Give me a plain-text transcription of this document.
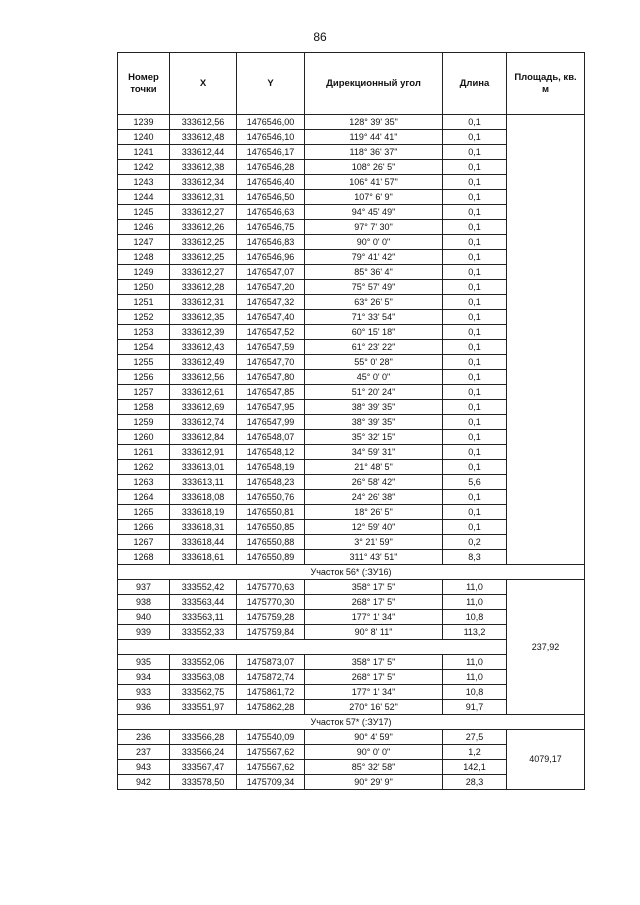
86
Номер точки	X	Y	Дирекционный угол	Длина	Площадь, кв. м
1239	333612,56	1476546,00	128° 39' 35"	0,1	
1240	333612,48	1476546,10	119° 44' 41"	0,1	
1241	333612,44	1476546,17	118° 36' 37"	0,1	
1242	333612,38	1476546,28	108° 26' 5"	0,1	
1243	333612,34	1476546,40	106° 41' 57"	0,1	
1244	333612,31	1476546,50	107° 6' 9"	0,1	
1245	333612,27	1476546,63	94° 45' 49"	0,1	
1246	333612,26	1476546,75	97° 7' 30"	0,1	
1247	333612,25	1476546,83	90° 0' 0"	0,1	
1248	333612,25	1476546,96	79° 41' 42"	0,1	
1249	333612,27	1476547,07	85° 36' 4"	0,1	
1250	333612,28	1476547,20	75° 57' 49"	0,1	
1251	333612,31	1476547,32	63° 26' 5"	0,1	
1252	333612,35	1476547,40	71° 33' 54"	0,1	
1253	333612,39	1476547,52	60° 15' 18"	0,1	
1254	333612,43	1476547,59	61° 23' 22"	0,1	
1255	333612,49	1476547,70	55° 0' 28"	0,1	
1256	333612,56	1476547,80	45° 0' 0"	0,1	
1257	333612,61	1476547,85	51° 20' 24"	0,1	
1258	333612,69	1476547,95	38° 39' 35"	0,1	
1259	333612,74	1476547,99	38° 39' 35"	0,1	
1260	333612,84	1476548,07	35° 32' 15"	0,1	
1261	333612,91	1476548,12	34° 59' 31"	0,1	
1262	333613,01	1476548,19	21° 48' 5"	0,1	
1263	333613,11	1476548,23	26° 58' 42"	5,6	
1264	333618,08	1476550,76	24° 26' 38"	0,1	
1265	333618,19	1476550,81	18° 26' 5"	0,1	
1266	333618,31	1476550,85	12° 59' 40"	0,1	
1267	333618,44	1476550,88	3° 21' 59"	0,2	
1268	333618,61	1476550,89	311° 43' 51"	8,3	
Участок 56* (:ЗУ16)					
937	333552,42	1475770,63	358° 17' 5"	11,0	237,92
938	333563,44	1475770,30	268° 17' 5"	11,0	
940	333563,11	1475759,28	177° 1' 34"	10,8	
939	333552,33	1475759,84	90° 8' 11"	113,2	

935	333552,06	1475873,07	358° 17' 5"	11,0	
934	333563,08	1475872,74	268° 17' 5"	11,0	
933	333562,75	1475861,72	177° 1' 34"	10,8	
936	333551,97	1475862,28	270° 16' 52"	91,7	
Участок 57* (:ЗУ17)					
236	333566,28	1475540,09	90° 4' 59"	27,5	4079,17
237	333566,24	1475567,62	90° 0' 0"	1,2	
943	333567,47	1475567,62	85° 32' 58"	142,1	
942	333578,50	1475709,34	90° 29' 9"	28,3	
